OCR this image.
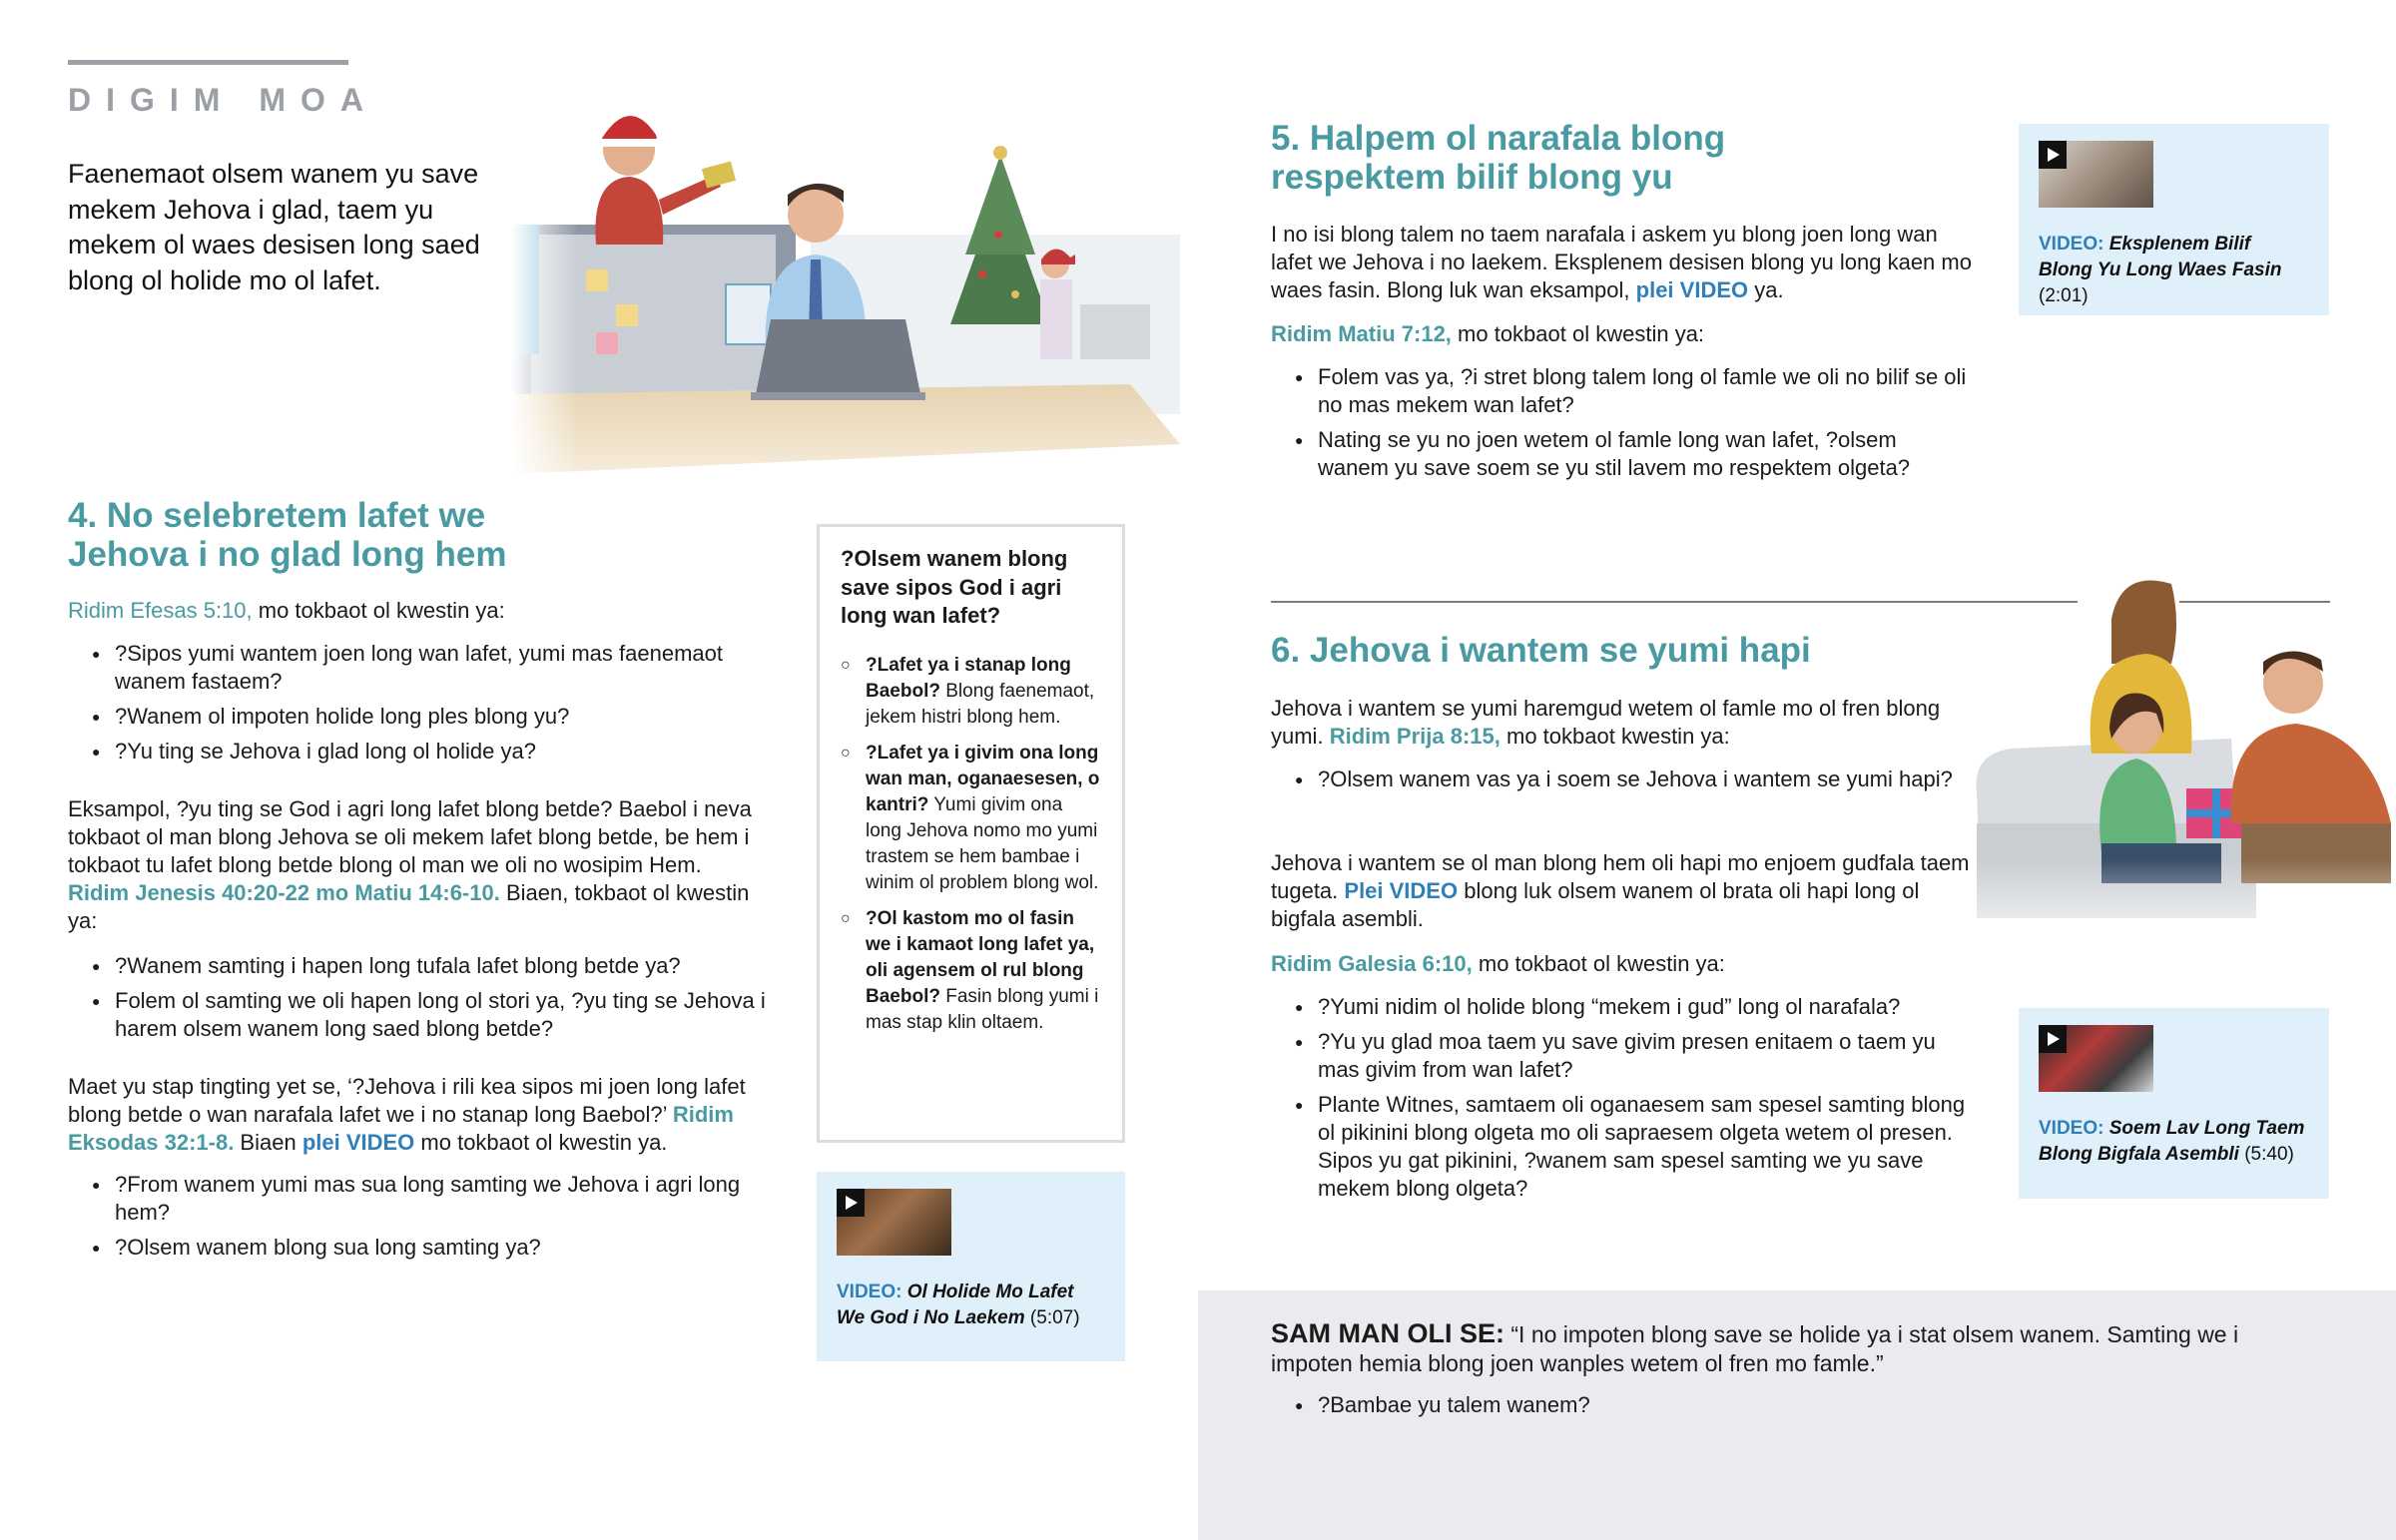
DIGIM MOA
Faenemaot olsem wanem yu save mekem Jehova i glad, taem yu mekem ol waes desisen long saed blong ol holide mo ol lafet.
4. No selebretem lafet we Jehova i no glad long hem

Ridim Efesas 5:10, mo tokbaot ol kwestin ya:

● ?Sipos yumi wantem joen long wan lafet, yumi mas faenemaot wanem fastaem?
● ?Wanem ol impoten holide long ples blong yu?
● ?Yu ting se Jehova i glad long ol holide ya?

Eksampol, ?yu ting se God i agri long lafet blong betde? Baebol i neva tokbaot ol man blong Jehova se oli mekem lafet blong betde, be hem i tokbaot tu lafet blong betde blong ol man we oli no wosipim Hem. Ridim Jenesis 40:20-22 mo Matiu 14:6-10. Biaen, tokbaot ol kwestin ya:

● ?Wanem samting i hapen long tufala lafet blong betde ya?
● Folem ol samting we oli hapen long ol stori ya, ?yu ting se Jehova i harem olsem wanem long saed blong betde?

Maet yu stap tingting yet se, ‘?Jehova i rili kea sipos mi joen long lafet blong betde o wan narafala lafet we i no stanap long Baebol?’ Ridim Eksodas 32:1-8. Biaen plei VIDEO mo tokbaot ol kwestin ya.

● ?From wanem yumi mas sua long samting we Jehova i agri long hem?
● ?Olsem wanem blong sua long samting ya?
?Olsem wanem blong save sipos God i agri long wan lafet?
○ ?Lafet ya i stanap long Baebol? Blong faenemaot, jekem histri blong hem.
○ ?Lafet ya i givim ona long wan man, oganaesesen, o kantri? Yumi givim ona long Jehova nomo mo yumi trastem se hem bambae i winim ol problem blong wol.
○ ?Ol kastom mo ol fasin we i kamaot long lafet ya, oli agensem ol rul blong Baebol? Fasin blong yumi i mas stap klin oltaem.
VIDEO: Ol Holide Mo Lafet We God i No Laekem (5:07)
5. Halpem ol narafala blong respektem bilif blong yu

I no isi blong talem no taem narafala i askem yu blong joen long wan lafet we Jehova i no laekem. Eksplenem desisen blong yu long kaen mo waes fasin. Blong luk wan eksampol, plei VIDEO ya.

Ridim Matiu 7:12, mo tokbaot ol kwestin ya:

● Folem vas ya, ?i stret blong talem long ol famle we oli no bilif se oli no mas mekem wan lafet?
● Nating se yu no joen wetem ol famle long wan lafet, ?olsem wanem yu save soem se yu stil lavem mo respektem olgeta?
VIDEO: Eksplenem Bilif Blong Yu Long Waes Fasin (2:01)
6. Jehova i wantem se yumi hapi

Jehova i wantem se yumi haremgud wetem ol famle mo ol fren blong yumi. Ridim Prija 8:15, mo tokbaot kwestin ya:

● ?Olsem wanem vas ya i soem se Jehova i wantem se yumi hapi?

Jehova i wantem se ol man blong hem oli hapi mo enjoem gudfala taem tugeta. Plei VIDEO blong luk olsem wanem ol brata oli hapi long ol bigfala asembli.

Ridim Galesia 6:10, mo tokbaot ol kwestin ya:

● ?Yumi nidim ol holide blong “mekem i gud” long ol narafala?
● ?Yu yu glad moa taem yu save givim presen enitaem o taem yu mas givim from wan lafet?
● Plante Witnes, samtaem oli oganaesem sam spesel samting blong ol pikinini blong olgeta mo oli sapraesem olgeta wetem ol presen. Sipos yu gat pikinini, ?wanem sam spesel samting we yu save mekem blong olgeta?
VIDEO: Soem Lav Long Taem Blong Bigfala Asembli (5:40)

SAM MAN OLI SE: “I no impoten blong save se holide ya i stat olsem wanem. Samting we i impoten hemia blong joen wanples wetem ol fren mo famle.”

● ?Bambae yu talem wanem?
